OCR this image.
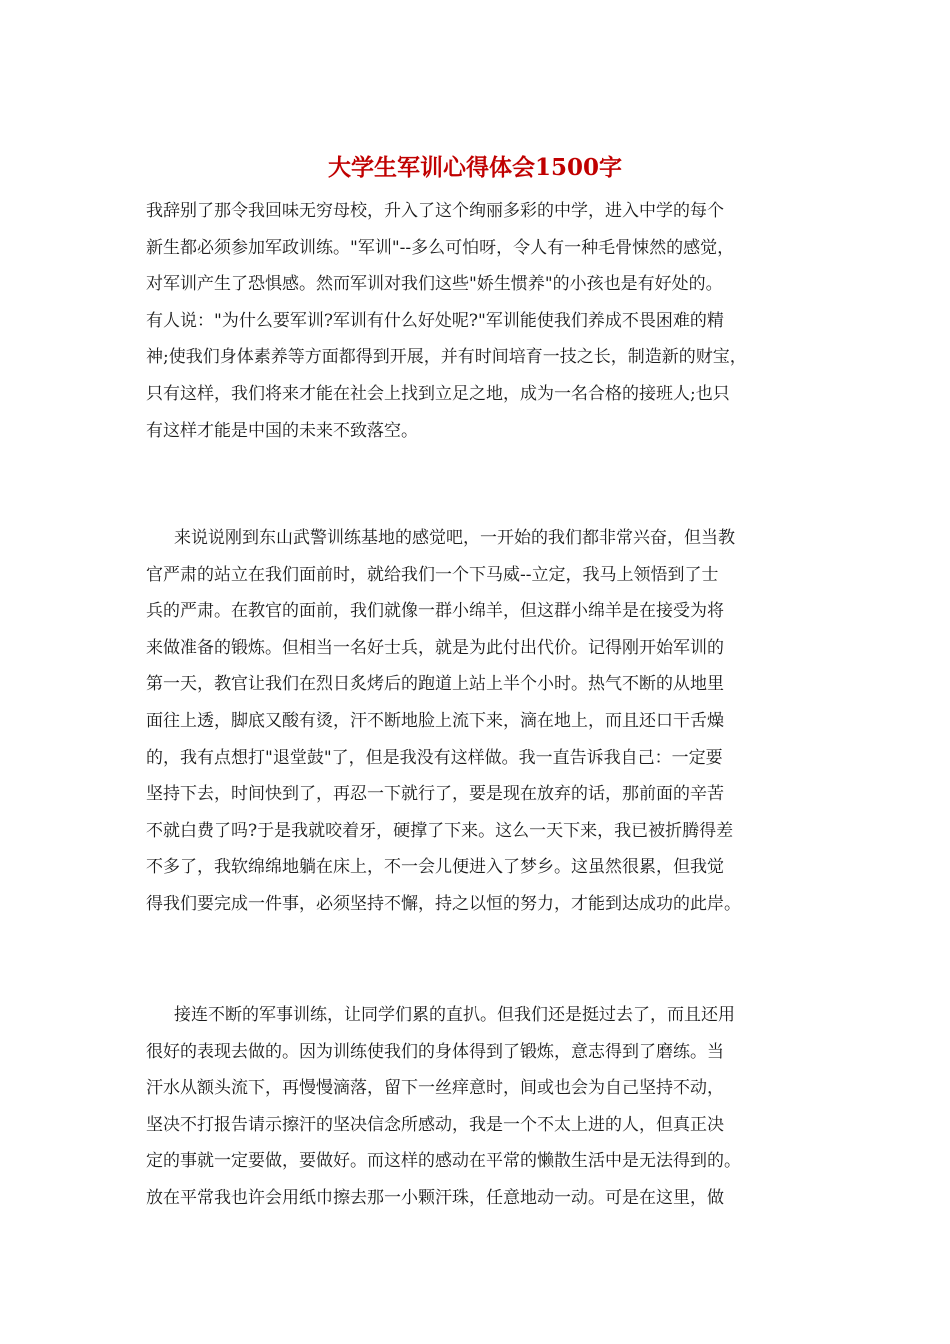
大学生军训心得体会1500字
我辞别了那令我回味无穷母校，升入了这个绚丽多彩的中学，进入中学的每个
新生都必须参加军政训练。"军训"--多么可怕呀，令人有一种毛骨悚然的感觉，
对军训产生了恐惧感。然而军训对我们这些"娇生惯养"的小孩也是有好处的。
有人说："为什么要军训?军训有什么好处呢?"军训能使我们养成不畏困难的精
神;使我们身体素养等方面都得到开展，并有时间培育一技之长，制造新的财宝，
只有这样，我们将来才能在社会上找到立足之地，成为一名合格的接班人;也只
有这样才能是中国的未来不致落空。
来说说刚到东山武警训练基地的感觉吧，一开始的我们都非常兴奋，但当教
官严肃的站立在我们面前时，就给我们一个下马威--立定，我马上领悟到了士
兵的严肃。在教官的面前，我们就像一群小绵羊，但这群小绵羊是在接受为将
来做准备的锻炼。但相当一名好士兵，就是为此付出代价。记得刚开始军训的
第一天，教官让我们在烈日炙烤后的跑道上站上半个小时。热气不断的从地里
面往上透，脚底又酸有烫，汗不断地脸上流下来，滴在地上，而且还口干舌燥
的，我有点想打"退堂鼓"了，但是我没有这样做。我一直告诉我自己：一定要
坚持下去，时间快到了，再忍一下就行了，要是现在放弃的话，那前面的辛苦
不就白费了吗?于是我就咬着牙，硬撑了下来。这么一天下来，我已被折腾得差
不多了，我软绵绵地躺在床上，不一会儿便进入了梦乡。这虽然很累，但我觉
得我们要完成一件事，必须坚持不懈，持之以恒的努力，才能到达成功的此岸。
接连不断的军事训练，让同学们累的直扒。但我们还是挺过去了，而且还用
很好的表现去做的。因为训练使我们的身体得到了锻炼，意志得到了磨练。当
汗水从额头流下，再慢慢滴落，留下一丝痒意时，间或也会为自己坚持不动，
坚决不打报告请示擦汗的坚决信念所感动，我是一个不太上进的人，但真正决
定的事就一定要做，要做好。而这样的感动在平常的懒散生活中是无法得到的。
放在平常我也许会用纸巾擦去那一小颗汗珠，任意地动一动。可是在这里，做
